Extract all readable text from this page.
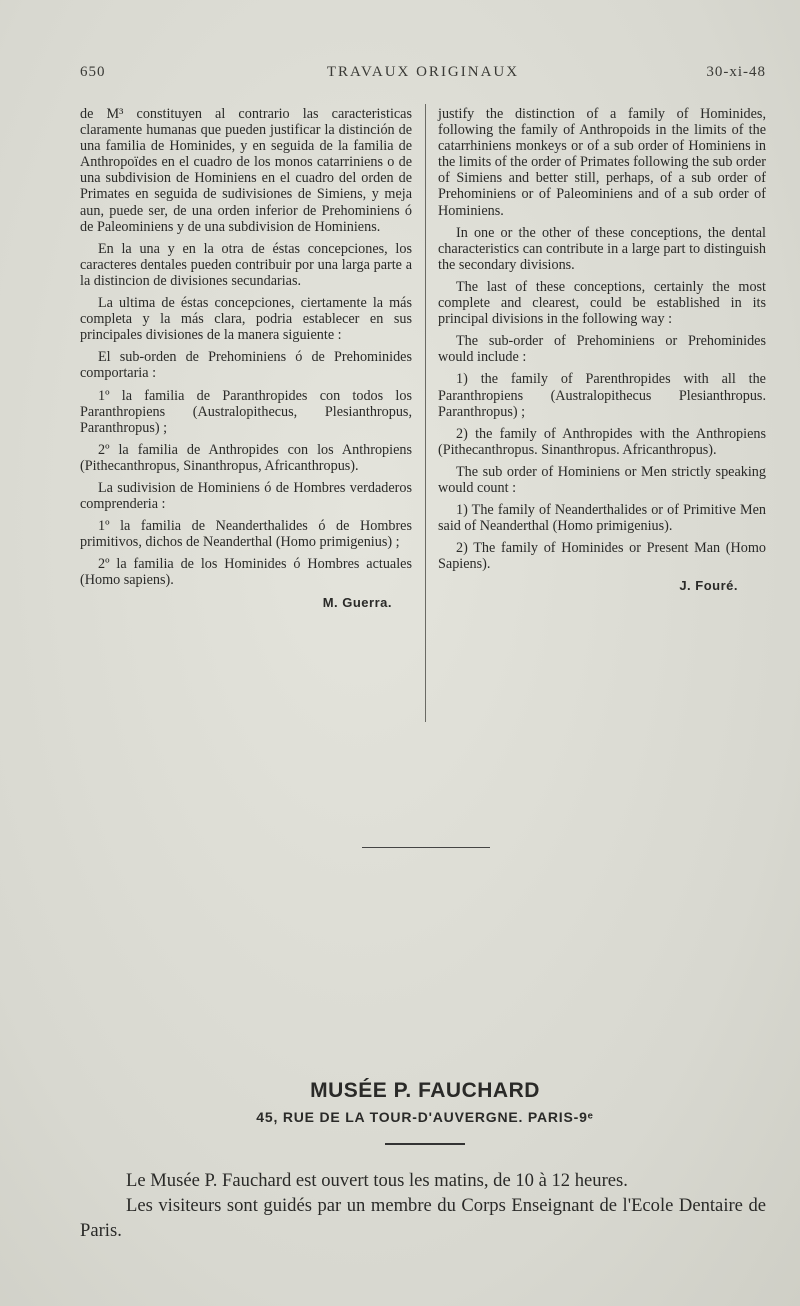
650	TRAVAUX ORIGINAUX	30-xi-48

de M³ constituyen al contrario las caracteristicas claramente humanas que pueden justificar la distinción de una familia de Hominides, y en seguida de la familia de Anthropoïdes en el cuadro de los monos catarriniens o de una subdivision de Hominiens en el cuadro del orden de Primates en seguida de sudivisiones de Simiens, y meja aun, puede ser, de una orden inferior de Prehominiens ó de Paleominiens y de una subdivision de Hominiens.

En la una y en la otra de éstas concepciones, los caracteres dentales pueden contribuir por una larga parte a la distincion de divisiones secundarias.

La ultima de éstas concepciones, ciertamente la más completa y la más clara, podria establecer en sus principales divisiones de la manera siguiente :

El sub-orden de Prehominiens ó de Prehominides comportaria :

1º la familia de Paranthropides con todos los Paranthropiens (Australopithecus, Plesianthropus, Paranthropus) ;

2º la familia de Anthropides con los Anthropiens (Pithecanthropus, Sinanthropus, Africanthropus).

La sudivision de Hominiens ó de Hombres verdaderos comprenderia :

1º la familia de Neanderthalides ó de Hombres primitivos, dichos de Neanderthal (Homo primigenius) ;

2º la familia de los Hominides ó Hombres actuales (Homo sapiens).

M. Guerra.

justify the distinction of a family of Hominides, following the family of Anthropoids in the limits of the catarrhiniens monkeys or of a sub order of Hominiens in the limits of the order of Primates following the sub order of Simiens and better still, perhaps, of a sub order of Prehominiens or of Paleominiens and of a sub order of Hominiens.

In one or the other of these conceptions, the dental characteristics can contribute in a large part to distinguish the secondary divisions.

The last of these conceptions, certainly the most complete and clearest, could be established in its principal divisions in the following way :

The sub-order of Prehominiens or Prehominides would include :

1) the family of Parenthropides with all the Paranthropiens (Australopithecus Plesianthropus. Paranthropus) ;

2) the family of Anthropides with the Anthropiens (Pithecanthropus. Sinanthropus. Africanthropus).

The sub order of Hominiens or Men strictly speaking would count :

1) The family of Neanderthalides or of Primitive Men said of Neanderthal (Homo primigenius).

2) The family of Hominides or Present Man (Homo Sapiens).

J. Fouré.
MUSÉE P. FAUCHARD
45, RUE DE LA TOUR-D'AUVERGNE. PARIS-9ᵉ

Le Musée P. Fauchard est ouvert tous les matins, de 10 à 12 heures.

Les visiteurs sont guidés par un membre du Corps Enseignant de l'Ecole Dentaire de Paris.
